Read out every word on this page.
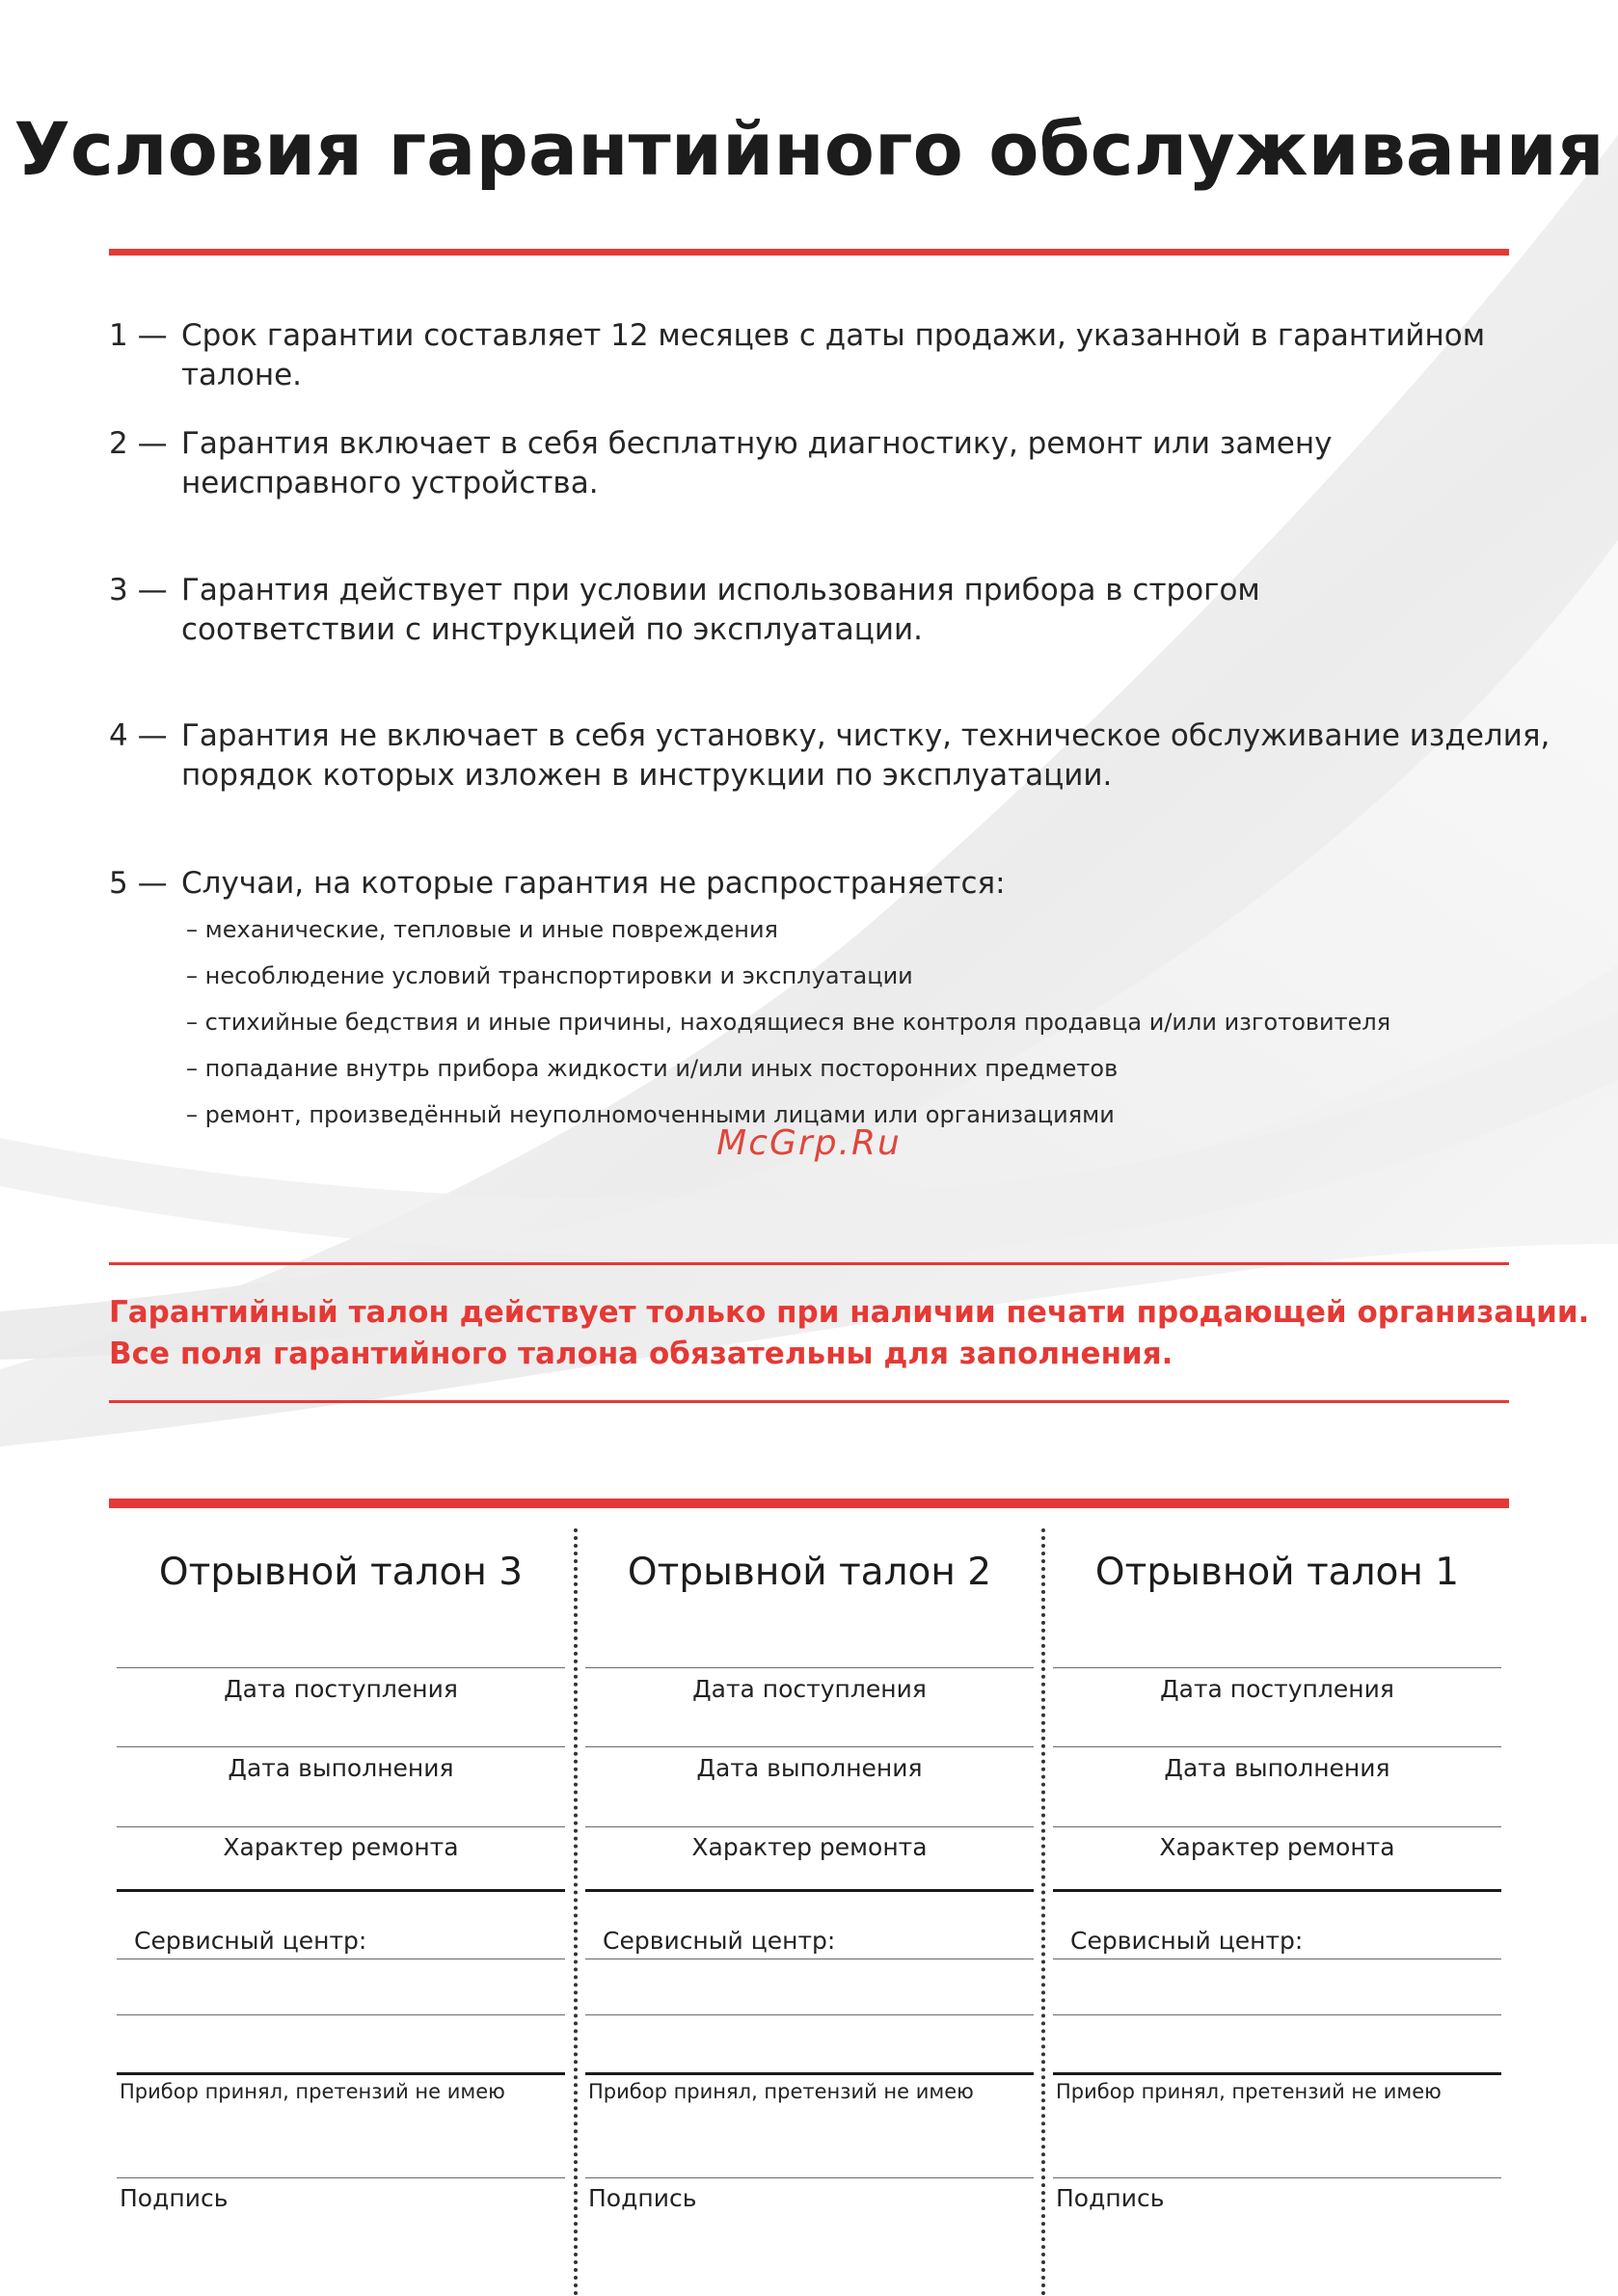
Условия гарантийного обслуживания
1 — Срок гарантии составляет 12 месяцев с даты продажи, указанной в гарантийном талоне.
2 — Гарантия включает в себя бесплатную диагностику, ремонт или замену неисправного устройства.
3 — Гарантия действует при условии использования прибора в строгом соответствии с инструкцией по эксплуатации.
4 — Гарантия не включает в себя установку, чистку, техническое обслуживание изделия, порядок которых изложен в инструкции по эксплуатации.
5 — Случаи, на которые гарантия не распространяется:
– механические, тепловые и иные повреждения
– несоблюдение условий транспортировки и эксплуатации
– стихийные бедствия и иные причины, находящиеся вне контроля продавца и/или изготовителя
– попадание внутрь прибора жидкости и/или иных посторонних предметов
– ремонт, произведённый неуполномоченными лицами или организациями
McGrp.Ru
Гарантийный талон действует только при наличии печати продающей организации.
Все поля гарантийного талона обязательны для заполнения.
Отрывной талон 3
Дата поступления
Дата выполнения
Характер ремонта
Сервисный центр:
Прибор принял, претензий не имею
Подпись
Отрывной талон 2
Дата поступления
Дата выполнения
Характер ремонта
Сервисный центр:
Прибор принял, претензий не имею
Подпись
Отрывной талон 1
Дата поступления
Дата выполнения
Характер ремонта
Сервисный центр:
Прибор принял, претензий не имею
Подпись
